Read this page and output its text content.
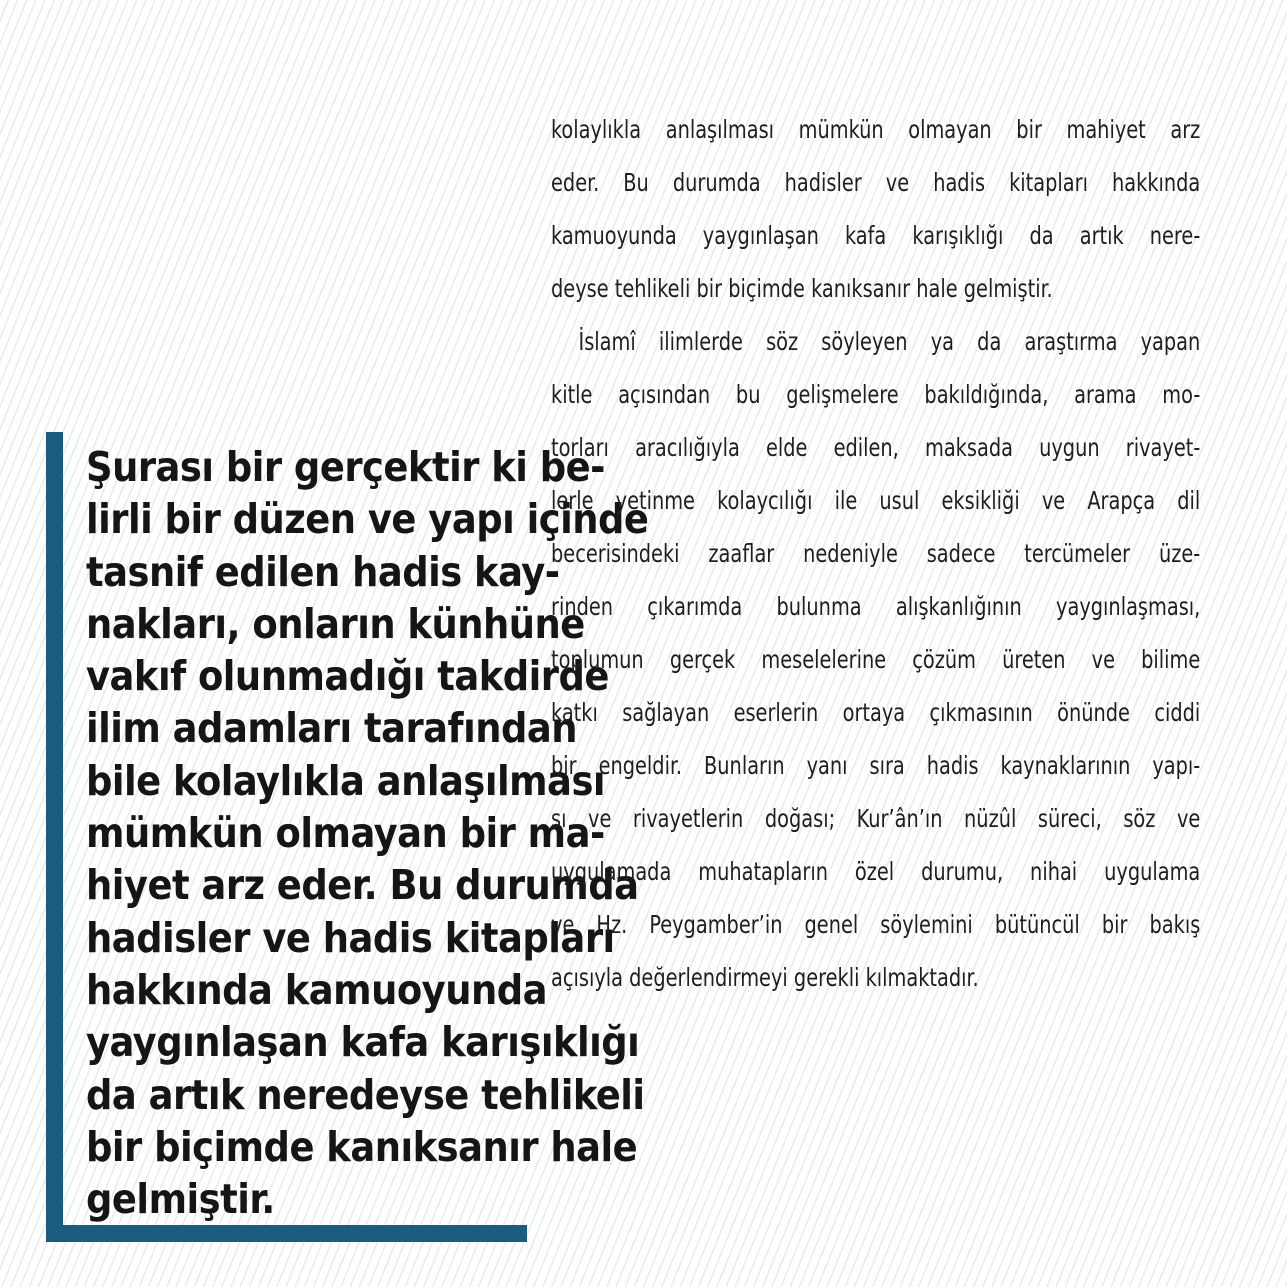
Şurası bir gerçektir ki be-
lirli bir düzen ve yapı içinde
tasnif edilen hadis kay-
nakları, onların künhüne
vakıf olunmadığı takdirde
ilim adamları tarafından
bile kolaylıkla anlaşılması
mümkün olmayan bir ma-
hiyet arz eder. Bu durumda
hadisler ve hadis kitapları
hakkında kamuoyunda
yaygınlaşan kafa karışıklığı
da artık neredeyse tehlikeli
bir biçimde kanıksanır hale
gelmiştir.
kolaylıkla anlaşılması mümkün olmayan bir mahiyet arz
eder. Bu durumda hadisler ve hadis kitapları hakkında
kamuoyunda yaygınlaşan kafa karışıklığı da artık nere-
deyse tehlikeli bir biçimde kanıksanır hale gelmiştir.
İslamî ilimlerde söz söyleyen ya da araştırma yapan
kitle açısından bu gelişmelere bakıldığında, arama mo-
torları aracılığıyla elde edilen, maksada uygun rivayet-
lerle yetinme kolaycılığı ile usul eksikliği ve Arapça dil
becerisindeki zaaflar nedeniyle sadece tercümeler üze-
rinden çıkarımda bulunma alışkanlığının yaygınlaşması,
toplumun gerçek meselelerine çözüm üreten ve bilime
katkı sağlayan eserlerin ortaya çıkmasının önünde ciddi
bir engeldir. Bunların yanı sıra hadis kaynaklarının yapı-
sı ve rivayetlerin doğası; Kur’ân’ın nüzûl süreci, söz ve
uygulamada muhatapların özel durumu, nihai uygulama
ve Hz. Peygamber’in genel söylemini bütüncül bir bakış
açısıyla değerlendirmeyi gerekli kılmaktadır.
